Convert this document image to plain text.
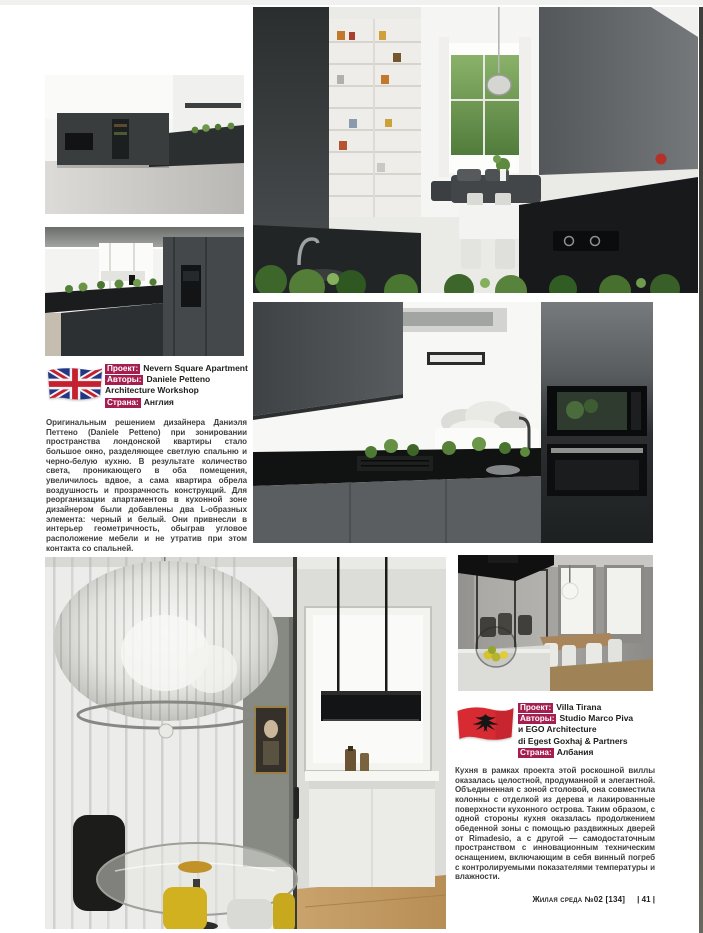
Проект: Nevern Square Apartment
Авторы: Daniele Petteno
Architecture Workshop
Страна: Англия

Оригинальным решением дизайнера Даниэля Петтено (Daniele Petteno) при зонировании пространства лондонской квартиры стало большое окно, разделяющее светлую спальню и черно-белую кухню. В результате количество света, проникающего в оба помещения, увеличилось вдвое, а сама квартира обрела воздушность и прозрачность конструкций. Для реорганизации апартаментов в кухонной зоне дизайнером были добавлены два L-образных элемента: черный и белый. Они привнесли в интерьер геометричность, обыграв угловое расположение мебели и не утратив при этом контакта со спальней.

Проект: Villa Tirana
Авторы: Studio Marco Piva
и EGO Architecture
di Egest Goxhaj & Partners
Страна: Албания

Кухня в рамках проекта этой роскошной виллы оказалась целостной, продуманной и элегантной. Объединенная с зоной столовой, она совместила колонны с отделкой из дерева и лакированные поверхности кухонного острова. Таким образом, с одной стороны кухня оказалась продолжением обеденной зоны с помощью раздвижных дверей от Rimadesio, а с другой — самодостаточным пространством с инновационным техническим оснащением, включающим в себя винный погреб с контролируемыми показателями температуры и влажности.

Жилая среда №02 [134] | 41 |
